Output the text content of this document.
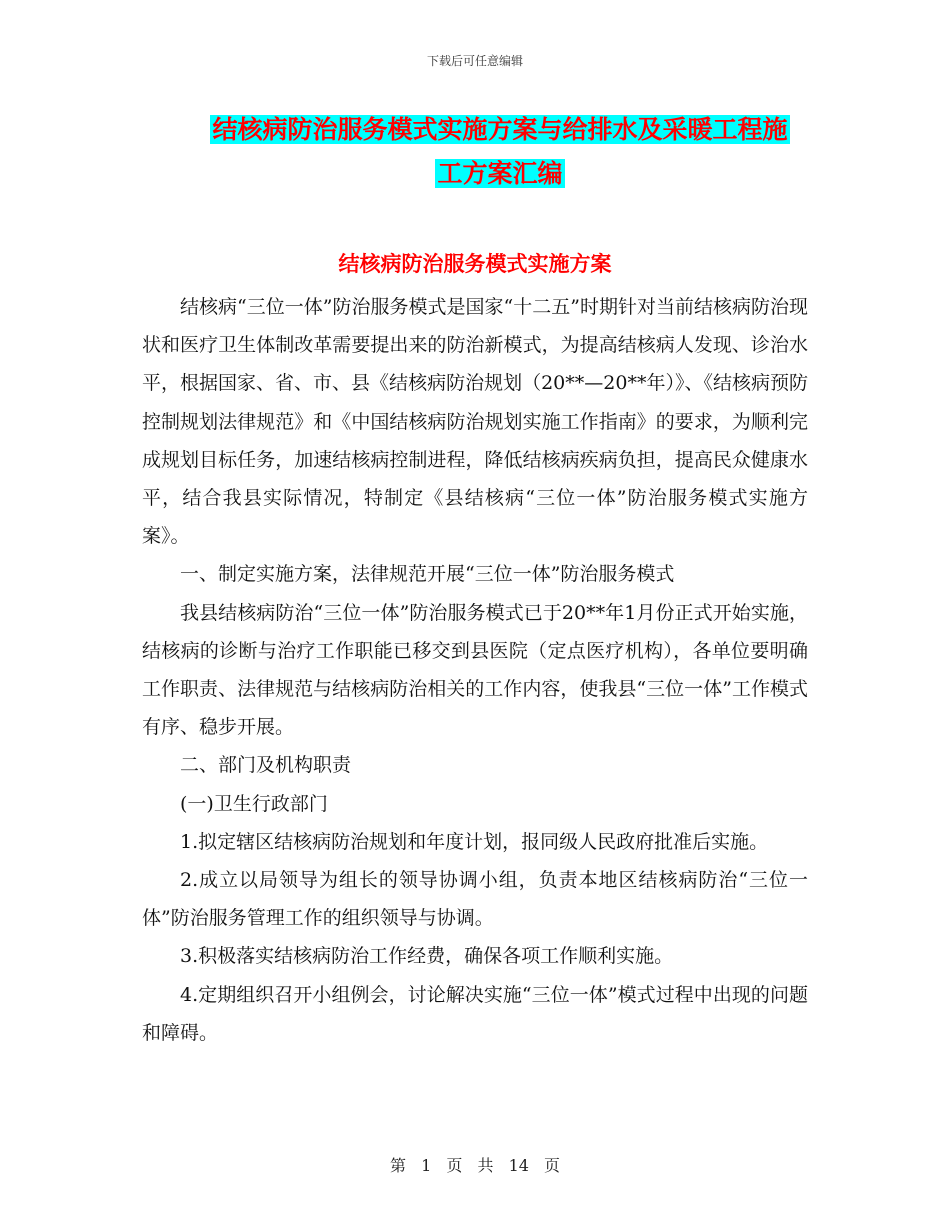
下载后可任意编辑
结核病防治服务模式实施方案与给排水及采暖工程施
工方案汇编
结核病防治服务模式实施方案

结核病“三位一体”防治服务模式是国家“十二五”时期针对当前结核病防治现状和医疗卫生体制改革需要提出来的防治新模式，为提高结核病人发现、诊治水平，根据国家、省、市、县《结核病防治规划（20**—20**年）》、《结核病预防控制规划法律规范》和《中国结核病防治规划实施工作指南》的要求，为顺利完成规划目标任务，加速结核病控制进程，降低结核病疾病负担，提高民众健康水平，结合我县实际情况，特制定《县结核病“三位一体”防治服务模式实施方案》。

一、制定实施方案，法律规范开展“三位一体”防治服务模式

我县结核病防治“三位一体”防治服务模式已于20**年1月份正式开始实施，结核病的诊断与治疗工作职能已移交到县医院（定点医疗机构），各单位要明确工作职责、法律规范与结核病防治相关的工作内容，使我县“三位一体”工作模式有序、稳步开展。

二、部门及机构职责

(一)卫生行政部门

1.拟定辖区结核病防治规划和年度计划，报同级人民政府批准后实施。

2.成立以局领导为组长的领导协调小组，负责本地区结核病防治“三位一体”防治服务管理工作的组织领导与协调。

3.积极落实结核病防治工作经费，确保各项工作顺利实施。

4.定期组织召开小组例会，讨论解决实施“三位一体”模式过程中出现的问题和障碍。

第 1 页 共 14 页
